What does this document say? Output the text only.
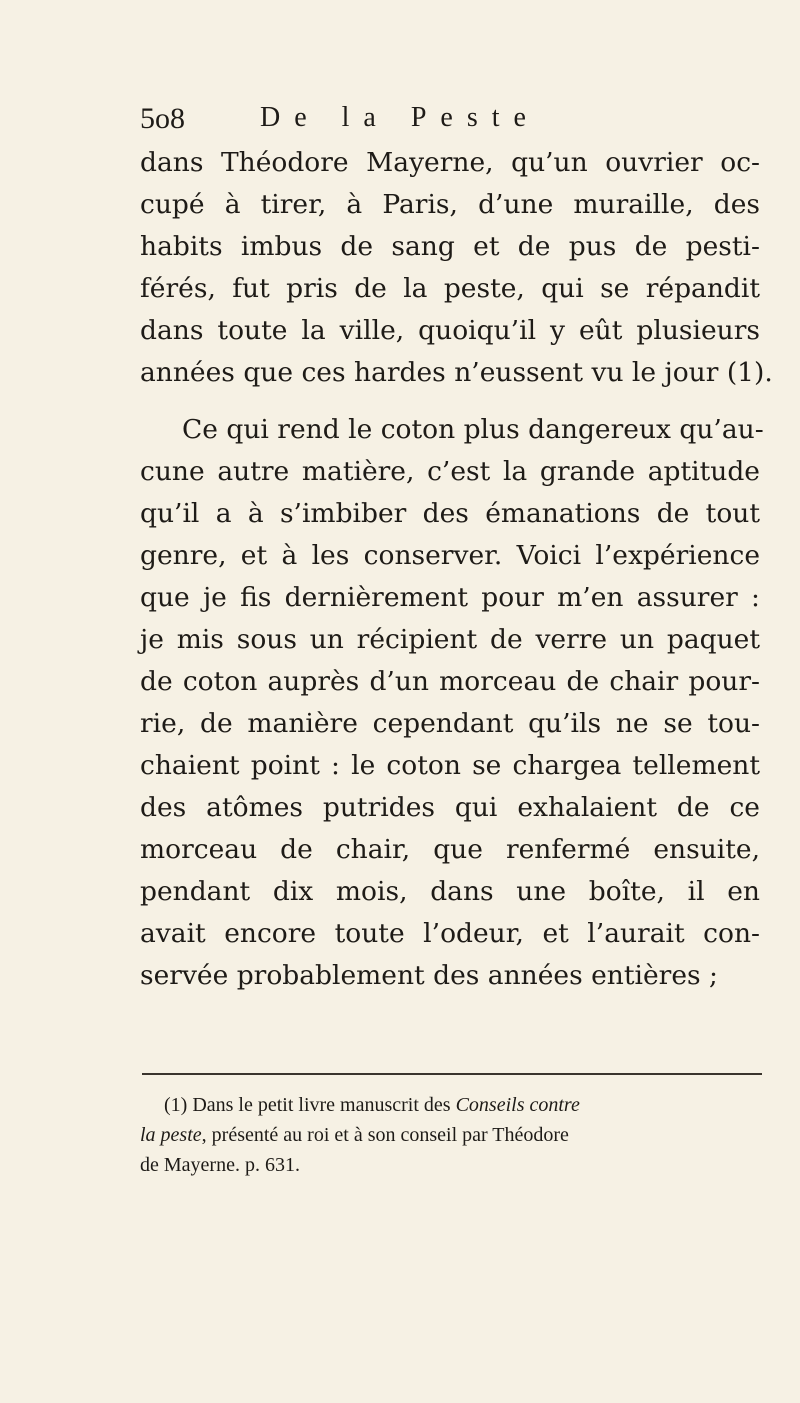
5o8	De la Peste

dans Théodore Mayerne, qu’un ouvrier oc-
cupé à tirer, à Paris, d’une muraille, des
habits imbus de sang et de pus de pesti-
férés, fut pris de la peste, qui se répandit
dans toute la ville, quoiqu’il y eût plusieurs
années que ces hardes n’eussent vu le jour (1).

Ce qui rend le coton plus dangereux qu’au-
cune autre matière, c’est la grande aptitude
qu’il a à s’imbiber des émanations de tout
genre, et à les conserver. Voici l’expérience
que je fis dernièrement pour m’en assurer :
je mis sous un récipient de verre un paquet
de coton auprès d’un morceau de chair pour-
rie, de manière cependant qu’ils ne se tou-
chaient point : le coton se chargea tellement
des atômes putrides qui exhalaient de ce
morceau de chair, que renfermé ensuite,
pendant dix mois, dans une boîte, il en
avait encore toute l’odeur, et l’aurait con-
servée probablement des années entières ;

(1) Dans le petit livre manuscrit des Conseils contre
la peste, présenté au roi et à son conseil par Théodore
de Mayerne. p. 631.
